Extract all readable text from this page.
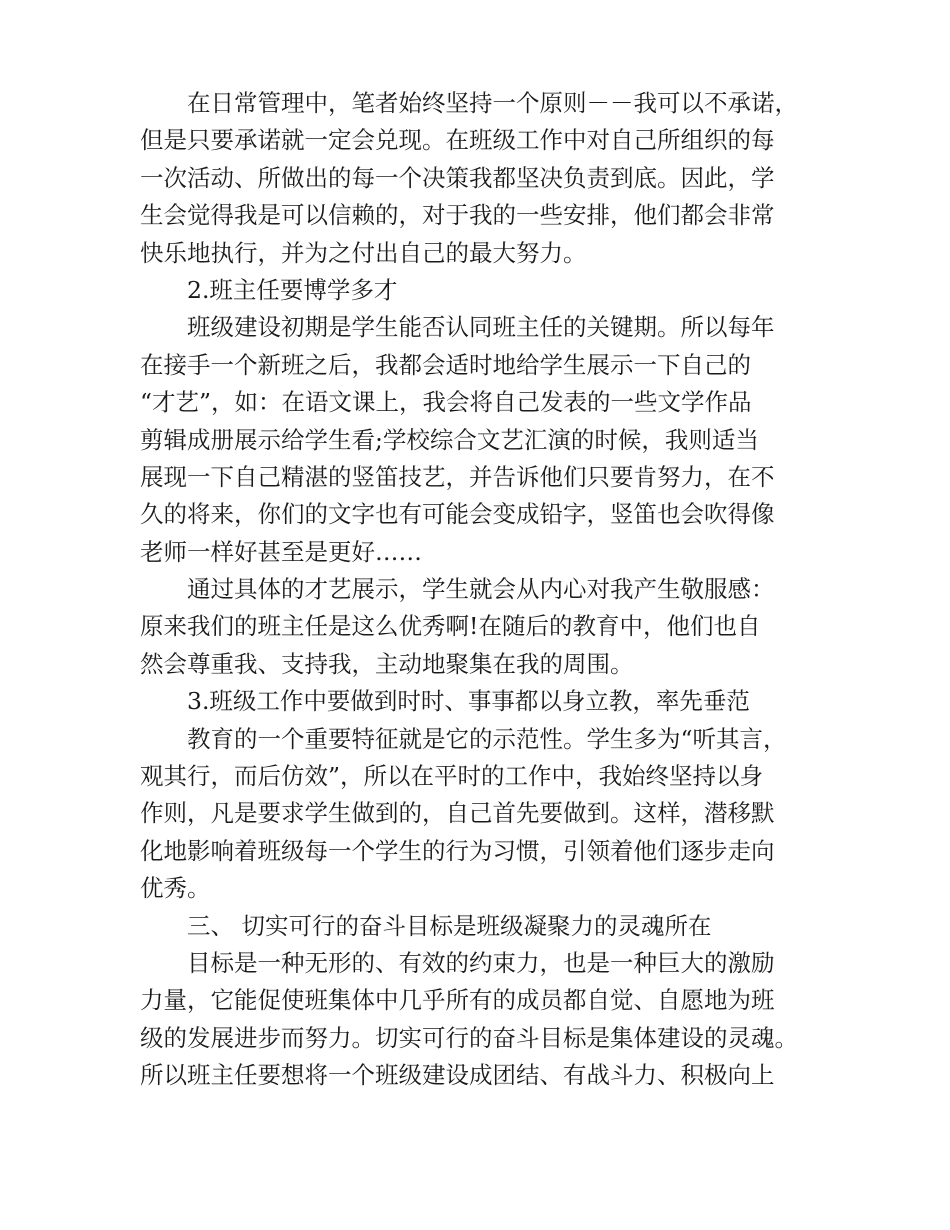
在日常管理中，笔者始终坚持一个原则－－我可以不承诺，
但是只要承诺就一定会兑现。在班级工作中对自己所组织的每
一次活动、所做出的每一个决策我都坚决负责到底。因此，学
生会觉得我是可以信赖的，对于我的一些安排，他们都会非常
快乐地执行，并为之付出自己的最大努力。
2.班主任要博学多才
班级建设初期是学生能否认同班主任的关键期。所以每年
在接手一个新班之后，我都会适时地给学生展示一下自己的
“才艺”，如：在语文课上，我会将自己发表的一些文学作品
剪辑成册展示给学生看;学校综合文艺汇演的时候，我则适当
展现一下自己精湛的竖笛技艺，并告诉他们只要肯努力，在不
久的将来，你们的文字也有可能会变成铅字，竖笛也会吹得像
老师一样好甚至是更好……
通过具体的才艺展示，学生就会从内心对我产生敬服感：
原来我们的班主任是这么优秀啊!在随后的教育中，他们也自
然会尊重我、支持我，主动地聚集在我的周围。
3.班级工作中要做到时时、事事都以身立教，率先垂范
教育的一个重要特征就是它的示范性。学生多为“听其言，
观其行，而后仿效”，所以在平时的工作中，我始终坚持以身
作则，凡是要求学生做到的，自己首先要做到。这样，潜移默
化地影响着班级每一个学生的行为习惯，引领着他们逐步走向
优秀。
三、 切实可行的奋斗目标是班级凝聚力的灵魂所在
目标是一种无形的、有效的约束力，也是一种巨大的激励
力量，它能促使班集体中几乎所有的成员都自觉、自愿地为班
级的发展进步而努力。切实可行的奋斗目标是集体建设的灵魂。
所以班主任要想将一个班级建设成团结、有战斗力、积极向上
